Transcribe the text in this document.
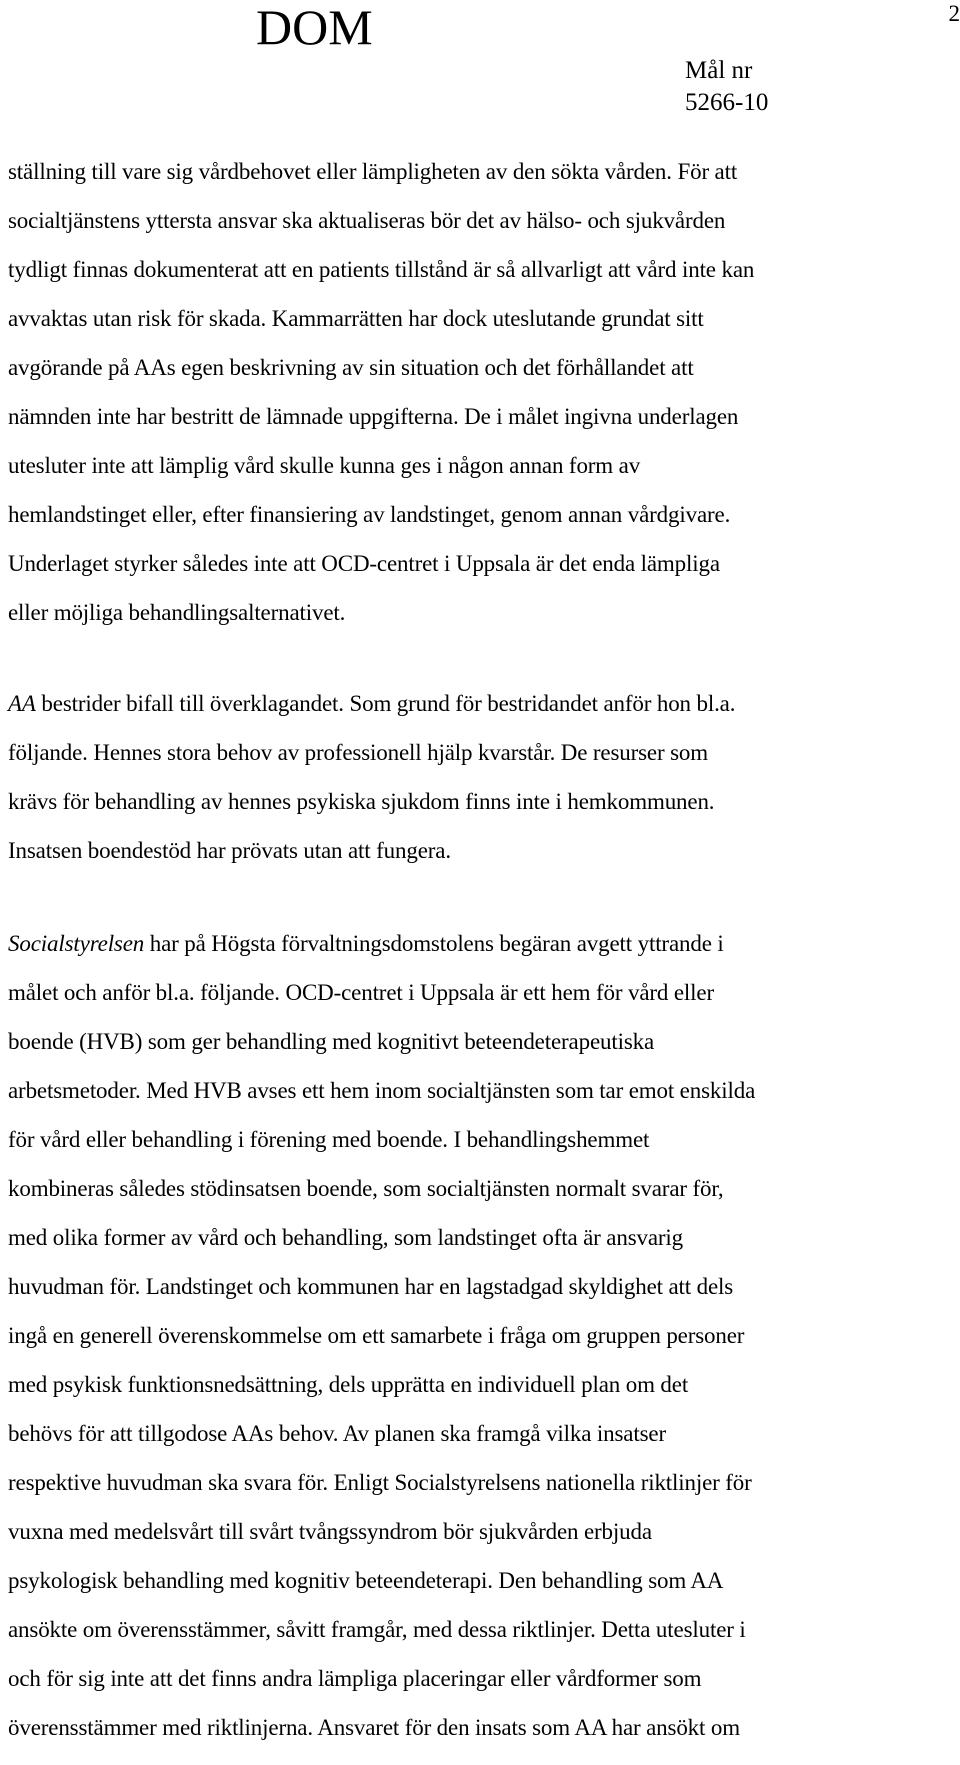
DOM	2
Mål nr
5266-10
ställning till vare sig vårdbehovet eller lämpligheten av den sökta vården. För att
socialtjänstens yttersta ansvar ska aktualiseras bör det av hälso- och sjukvården
tydligt finnas dokumenterat att en patients tillstånd är så allvarligt att vård inte kan
avvaktas utan risk för skada. Kammarrätten har dock uteslutande grundat sitt
avgörande på AAs egen beskrivning av sin situation och det förhållandet att
nämnden inte har bestritt de lämnade uppgifterna. De i målet ingivna underlagen
utesluter inte att lämplig vård skulle kunna ges i någon annan form av
hemlandstinget eller, efter finansiering av landstinget, genom annan vårdgivare.
Underlaget styrker således inte att OCD-centret i Uppsala är det enda lämpliga
eller möjliga behandlingsalternativet.
AA bestrider bifall till överklagandet. Som grund för bestridandet anför hon bl.a.
följande. Hennes stora behov av professionell hjälp kvarstår. De resurser som
krävs för behandling av hennes psykiska sjukdom finns inte i hemkommunen.
Insatsen boendestöd har prövats utan att fungera.
Socialstyrelsen har på Högsta förvaltningsdomstolens begäran avgett yttrande i
målet och anför bl.a. följande. OCD-centret i Uppsala är ett hem för vård eller
boende (HVB) som ger behandling med kognitivt beteendeterapeutiska
arbetsmetoder. Med HVB avses ett hem inom socialtjänsten som tar emot enskilda
för vård eller behandling i förening med boende. I behandlingshemmet
kombineras således stödinsatsen boende, som socialtjänsten normalt svarar för,
med olika former av vård och behandling, som landstinget ofta är ansvarig
huvudman för. Landstinget och kommunen har en lagstadgad skyldighet att dels
ingå en generell överenskommelse om ett samarbete i fråga om gruppen personer
med psykisk funktionsnedsättning, dels upprätta en individuell plan om det
behövs för att tillgodose AAs behov. Av planen ska framgå vilka insatser
respektive huvudman ska svara för. Enligt Socialstyrelsens nationella riktlinjer för
vuxna med medelsvårt till svårt tvångssyndrom bör sjukvården erbjuda
psykologisk behandling med kognitiv beteendeterapi. Den behandling som AA
ansökte om överensstämmer, såvitt framgår, med dessa riktlinjer. Detta utesluter i
och för sig inte att det finns andra lämpliga placeringar eller vårdformer som
överensstämmer med riktlinjerna. Ansvaret för den insats som AA har ansökt om
